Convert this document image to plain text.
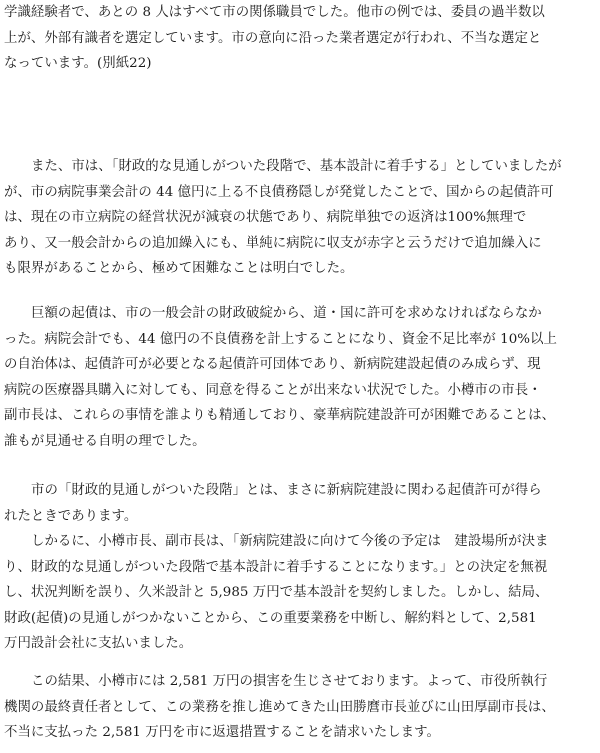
学識経験者で、あとの 8 人はすべて市の関係職員でした。他市の例では、委員の過半数以
上が、外部有識者を選定しています。市の意向に沿った業者選定が行われ、不当な選定と
なっています。(別紙22)
また、市は、「財政的な見通しがついた段階で、基本設計に着手する」としていましたが
が、市の病院事業会計の 44 億円に上る不良債務隠しが発覚したことで、国からの起債許可
は、現在の市立病院の経営状況が減衰の状態であり、病院単独での返済は100%無理で
あり、又一般会計からの追加繰入にも、単純に病院に収支が赤字と云うだけで追加繰入に
も限界があることから、極めて困難なことは明白でした。
巨額の起債は、市の一般会計の財政破綻から、道・国に許可を求めなければならなか
った。病院会計でも、44 億円の不良債務を計上することになり、資金不足比率が 10%以上
の自治体は、起債許可が必要となる起債許可団体であり、新病院建設起債のみ成らず、現
病院の医療器具購入に対しても、同意を得ることが出来ない状況でした。小樽市の市長・
副市長は、これらの事情を誰よりも精通しており、豪華病院建設許可が困難であることは、
誰もが見通せる自明の理でした。
市の「財政的見通しがついた段階」とは、まさに新病院建設に関わる起債許可が得ら
れたときであります。
しかるに、小樽市長、副市長は、「新病院建設に向けて今後の予定は　建設場所が決ま
り、財政的な見通しがついた段階で基本設計に着手することになります。」との決定を無視
し、状況判断を誤り、久米設計と 5,985 万円で基本設計を契約しました。しかし、結局、
財政(起債)の見通しがつかないことから、この重要業務を中断し、解約料として、2,581
万円設計会社に支払いました。
この結果、小樽市には 2,581 万円の損害を生じさせております。よって、市役所執行
機関の最終責任者として、この業務を推し進めてきた山田勝麿市長並びに山田厚副市長は、
不当に支払った 2,581 万円を市に返還措置することを請求いたします。
